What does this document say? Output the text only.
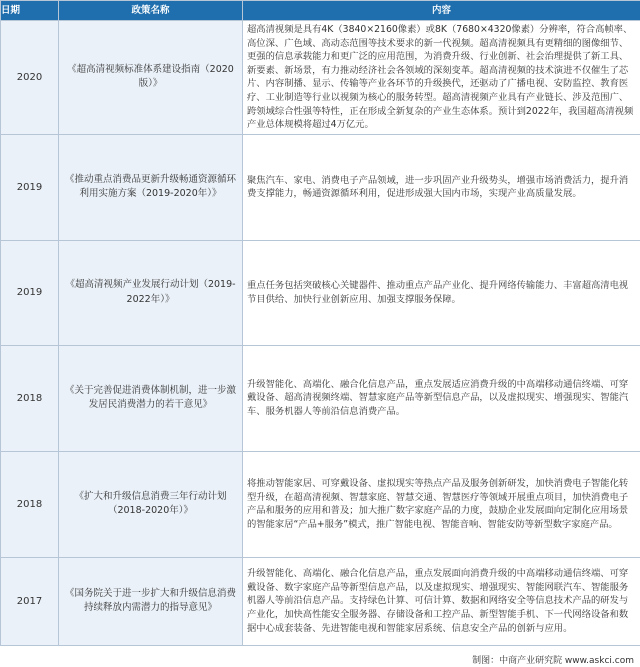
日期	政策名称	内容
2020	《超高清视频标准体系建设指南（2020版）》	超高清视频是具有4K（3840×2160像素）或8K（7680×4320像素）分辨率，符合高帧率、高位深、广色域、高动态范围等技术要求的新一代视频。超高清视频具有更精细的图像细节、更强的信息承载能力和更广泛的应用范围，为消费升级、行业创新、社会治理提供了新工具、新要素、新场景，有力推动经济社会各领域的深刻变革。超高清视频的技术演进不仅催生了芯片、内容制播、显示、传输等产业各环节的升级换代，还驱动了广播电视、安防监控、教育医疗、工业制造等行业以视频为核心的服务转型。超高清视频产业具有产业链长、涉及范围广、跨领域综合性强等特性，正在形成全新复杂的产业生态体系。预计到2022年，我国超高清视频产业总体规模将超过4万亿元。
2019	《推动重点消费品更新升级畅通资源循环利用实施方案（2019-2020年）》	聚焦汽车、家电、消费电子产品领域，进一步巩固产业升级势头，增强市场消费活力，提升消费支撑能力，畅通资源循环利用，促进形成强大国内市场，实现产业高质量发展。
2019	《超高清视频产业发展行动计划（2019-2022年）》	重点任务包括突破核心关键器件、推动重点产品产业化、提升网络传输能力、丰富超高清电视节目供给、加快行业创新应用、加强支撑服务保障。
2018	《关于完善促进消费体制机制，进一步激发居民消费潜力的若干意见》	升级智能化、高端化、融合化信息产品，重点发展适应消费升级的中高端移动通信终端、可穿戴设备、超高清视频终端、智慧家庭产品等新型信息产品，以及虚拟现实、增强现实、智能汽车、服务机器人等前沿信息消费产品。
2018	《扩大和升级信息消费三年行动计划（2018-2020年）》	将推动智能家居、可穿戴设备、虚拟现实等热点产品及服务创新研发，加快消费电子智能化转型升级，在超高清视频、智慧家庭、智慧交通、智慧医疗等领域开展重点项目，加快消费电子产品和服务的应用和普及；加大推广数字家庭产品的力度，鼓励企业发展面向定制化应用场景的智能家居“产品+服务”模式，推广智能电视、智能音响、智能安防等新型数字家庭产品。
2017	《国务院关于进一步扩大和升级信息消费持续释放内需潜力的指导意见》	升级智能化、高端化、融合化信息产品，重点发展面向消费升级的中高端移动通信终端、可穿戴设备、数字家庭产品等新型信息产品，以及虚拟现实、增强现实、智能网联汽车、智能服务机器人等前沿信息产品。支持绿色计算、可信计算、数据和网络安全等信息技术产品的研发与产业化，加快高性能安全服务器、存储设备和工控产品、新型智能手机、下一代网络设备和数据中心成套装备、先进智能电视和智能家居系统、信息安全产品的创新与应用。
制图：中商产业研究院 www.askci.com
